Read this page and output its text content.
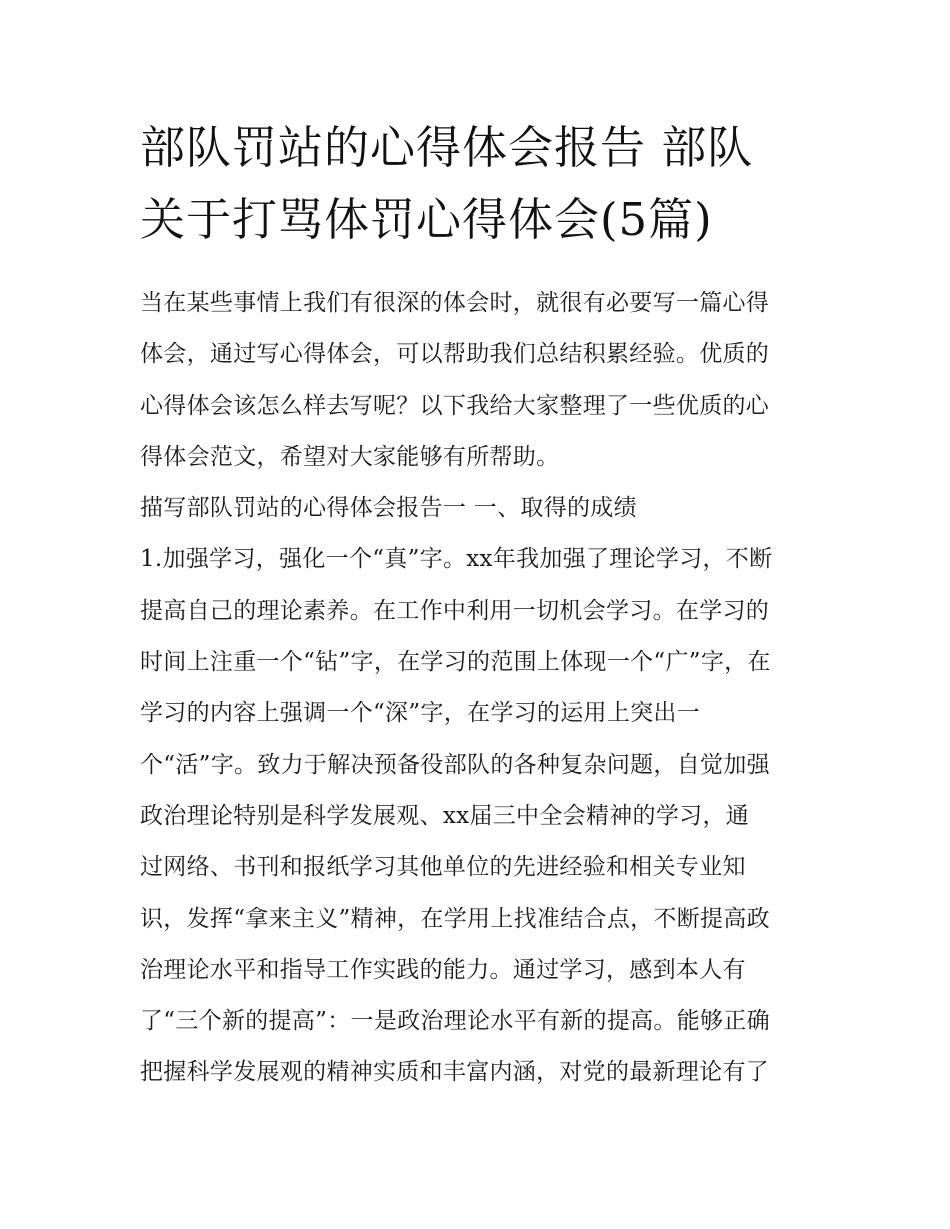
部队罚站的心得体会报告 部队
关于打骂体罚心得体会(5篇)
当在某些事情上我们有很深的体会时，就很有必要写一篇心得
体会，通过写心得体会，可以帮助我们总结积累经验。优质的
心得体会该怎么样去写呢？以下我给大家整理了一些优质的心
得体会范文，希望对大家能够有所帮助。
描写部队罚站的心得体会报告一 一、取得的成绩
1.加强学习，强化一个“真”字。xx年我加强了理论学习，不断
提高自己的理论素养。在工作中利用一切机会学习。在学习的
时间上注重一个“钻”字，在学习的范围上体现一个“广”字，在
学习的内容上强调一个“深”字，在学习的运用上突出一
个“活”字。致力于解决预备役部队的各种复杂问题，自觉加强
政治理论特别是科学发展观、xx届三中全会精神的学习，通
过网络、书刊和报纸学习其他单位的先进经验和相关专业知
识，发挥“拿来主义”精神，在学用上找准结合点，不断提高政
治理论水平和指导工作实践的能力。通过学习，感到本人有
了“三个新的提高”：一是政治理论水平有新的提高。能够正确
把握科学发展观的精神实质和丰富内涵，对党的最新理论有了
